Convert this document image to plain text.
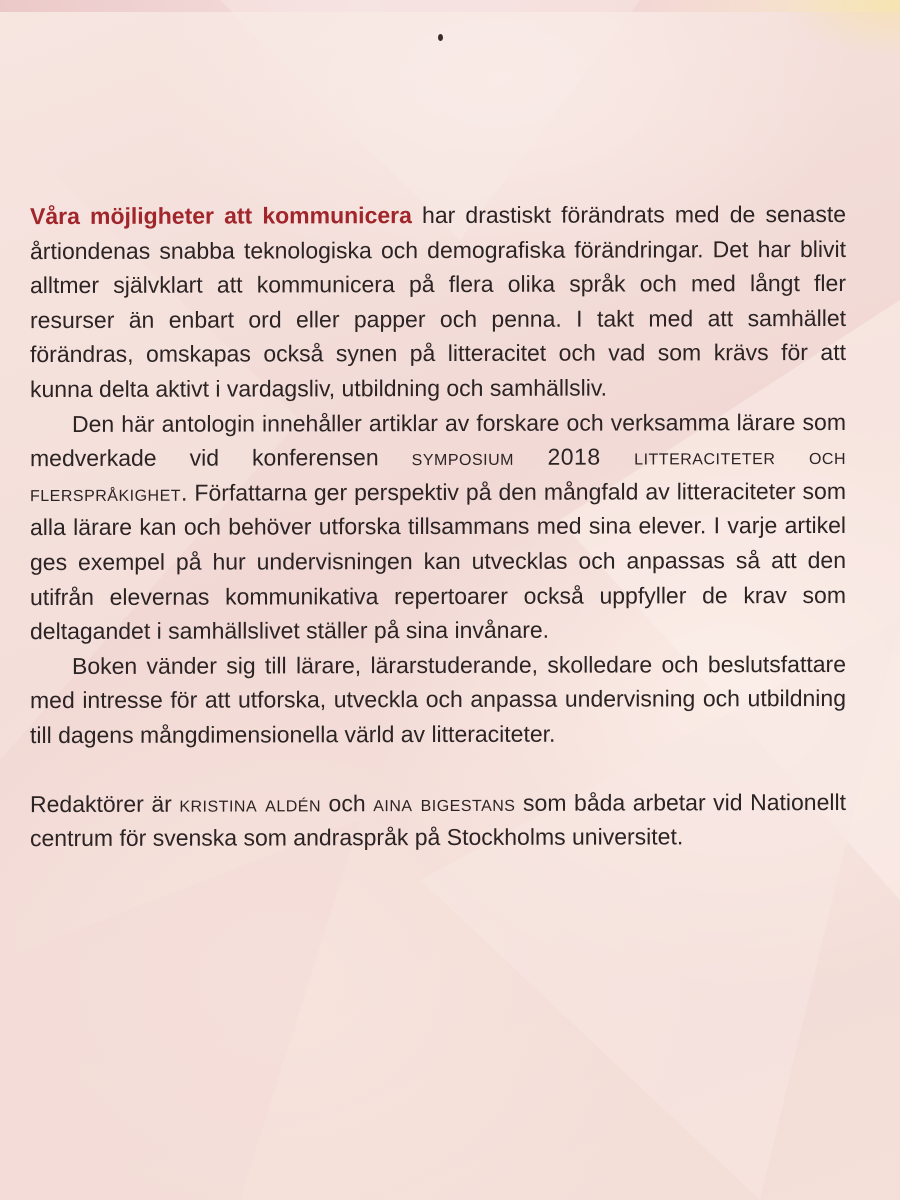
Våra möjligheter att kommunicera har drastiskt förändrats med de senaste årtiondenas snabba teknologiska och demografiska förändringar. Det har blivit alltmer självklart att kommunicera på flera olika språk och med långt fler resurser än enbart ord eller papper och penna. I takt med att samhället förändras, omskapas också synen på litteracitet och vad som krävs för att kunna delta aktivt i vardagsliv, utbildning och samhällsliv.

Den här antologin innehåller artiklar av forskare och verksamma lärare som medverkade vid konferensen symposium 2018 litteraciteter och flerspråkighet. Författarna ger perspektiv på den mångfald av litteraciteter som alla lärare kan och behöver utforska tillsammans med sina elever. I varje artikel ges exempel på hur undervisningen kan utvecklas och anpassas så att den utifrån elevernas kommunikativa repertoarer också uppfyller de krav som deltagandet i samhällslivet ställer på sina invånare.

Boken vänder sig till lärare, lärarstuderande, skolledare och beslutsfattare med intresse för att utforska, utveckla och anpassa undervisning och utbildning till dagens mångdimensionella värld av litteraciteter.

Redaktörer är kristina aldén och aina bigestans som båda arbetar vid Nationellt centrum för svenska som andraspråk på Stockholms universitet.
